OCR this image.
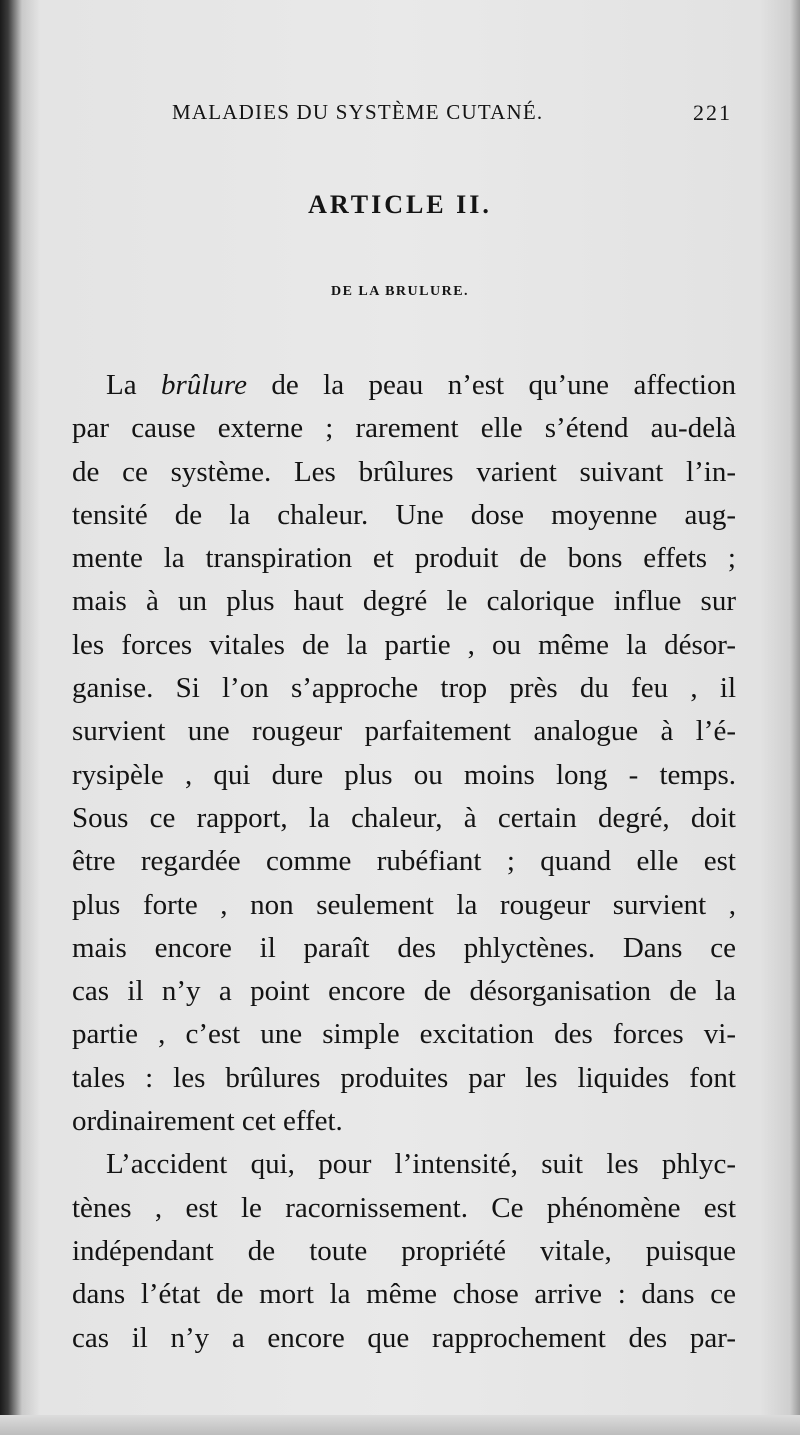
MALADIES DU SYSTÈME CUTANÉ.	221
ARTICLE II.
DE LA BRULURE.
La brûlure de la peau n’est qu’une affection
par cause externe ; rarement elle s’étend au-delà
de ce système. Les brûlures varient suivant l’in-
tensité de la chaleur. Une dose moyenne aug-
mente la transpiration et produit de bons effets ;
mais à un plus haut degré le calorique influe sur
les forces vitales de la partie , ou même la désor-
ganise. Si l’on s’approche trop près du feu , il
survient une rougeur parfaitement analogue à l’é-
rysipèle , qui dure plus ou moins long - temps.
Sous ce rapport, la chaleur, à certain degré, doit
être regardée comme rubéfiant ; quand elle est
plus forte , non seulement la rougeur survient ,
mais encore il paraît des phlyctènes. Dans ce
cas il n’y a point encore de désorganisation de la
partie , c’est une simple excitation des forces vi-
tales : les brûlures produites par les liquides font
ordinairement cet effet.
L’accident qui, pour l’intensité, suit les phlyc-
tènes , est le racornissement. Ce phénomène est
indépendant de toute propriété vitale, puisque
dans l’état de mort la même chose arrive : dans ce
cas il n’y a encore que rapprochement des par-
